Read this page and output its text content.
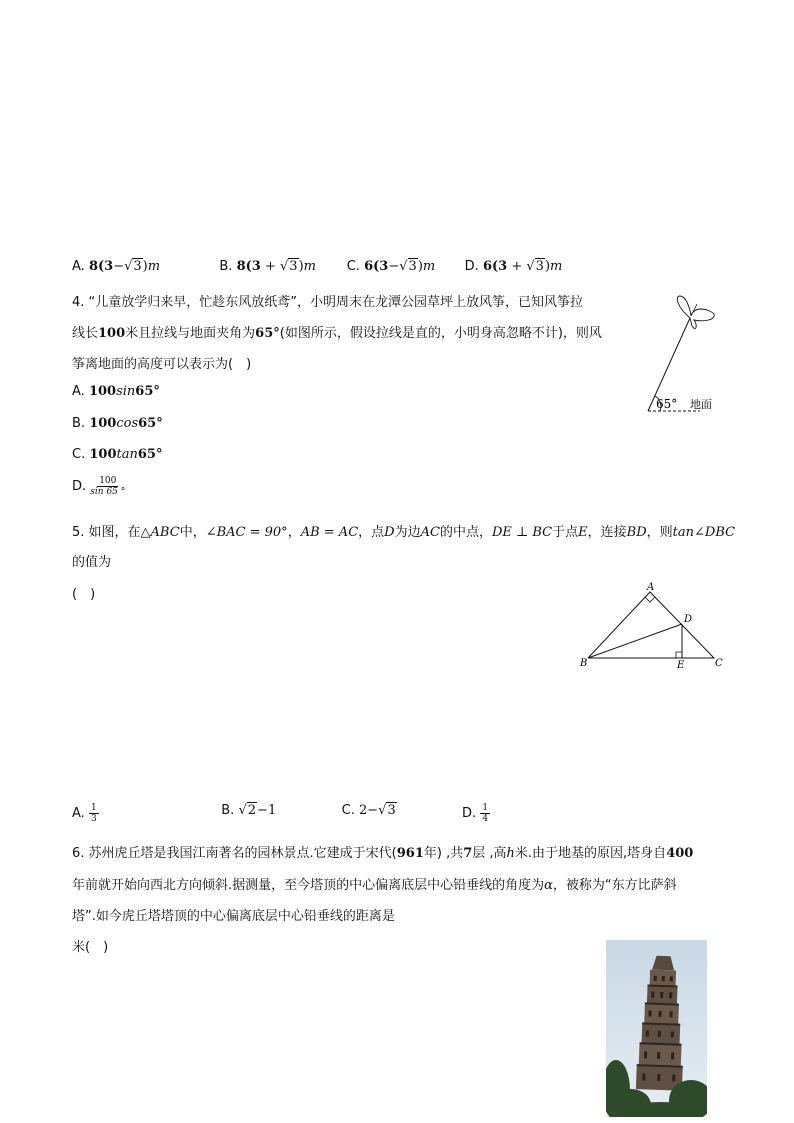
A. 8(3−√3)m	B. 8(3 + √3)m	C. 6(3−√3)m	D. 6(3 + √3)m
4. “儿童放学归来早，忙趁东风放纸鸢”，小明周末在龙潭公园草坪上放风筝，已知风筝拉
线长100米且拉线与地面夹角为65°(如图所示，假设拉线是直的，小明身高忽略不计)，则风
筝离地面的高度可以表示为(　)
A. 100sin65°
B. 100cos65°
C. 100tan65°
D. $\frac{100}{\sin 65 ^\circ}$
65° 地面
5. 如图，在△ABC中，∠BAC = 90°，AB = AC，点D为边AC的中点，DE ⊥ BC于点E，连接BD，则tan∠DBC
的值为
(　)	A
B	C
D
E
A. $\frac{1}{3}$	B. √2−1	C. 2−√3	D. $\frac{1}{4}$
6. 苏州虎丘塔是我国江南著名的园林景点.它建成于宋代(961年) ,共7层 ,高h米.由于地基的原因,塔身自400
年前就开始向西北方向倾斜.据测量，至今塔顶的中心偏离底层中心铅垂线的角度为α，被称为“东方比萨斜
塔”.如今虎丘塔塔顶的中心偏离底层中心铅垂线的距离是
米(　)
